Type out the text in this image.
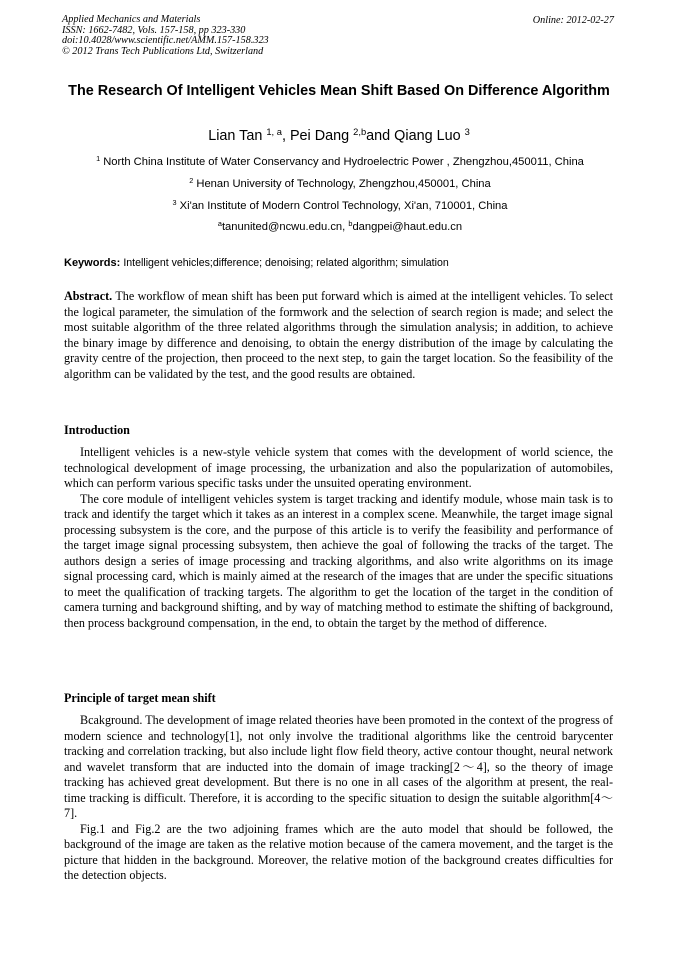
Applied Mechanics and Materials
ISSN: 1662-7482, Vols. 157-158, pp 323-330
doi:10.4028/www.scientific.net/AMM.157-158.323
© 2012 Trans Tech Publications Ltd, Switzerland
Online: 2012-02-27
The Research Of Intelligent Vehicles Mean Shift Based On Difference Algorithm
Lian Tan $^{1, a}$, Pei Dang $^{2,b}$and Qiang Luo $^3$
$^1$ North China Institute of Water Conservancy and Hydroelectric Power , Zhengzhou,450011, China
$^2$ Henan University of Technology, Zhengzhou,450001, China
$^3$ Xi'an Institute of Modern Control Technology, Xi'an, 710001, China
$^a$tanunited@ncwu.edu.cn, $^b$dangpei@haut.edu.cn
Keywords: Intelligent vehicles;difference; denoising; related algorithm; simulation

Abstract. The workflow of mean shift has been put forward which is aimed at the intelligent vehicles. To select the logical parameter, the simulation of the formwork and the selection of search region is made; and select the most suitable algorithm of the three related algorithms through the simulation analysis; in addition, to achieve the binary image by difference and denoising, to obtain the energy distribution of the image by calculating the gravity centre of the projection, then proceed to the next step, to gain the target location. So the feasibility of the algorithm can be validated by the test, and the good results are obtained.

Introduction

Intelligent vehicles is a new-style vehicle system that comes with the development of world science, the technological development of image processing, the urbanization and also the popularization of automobiles, which can perform various specific tasks under the unsuited operating environment.

The core module of intelligent vehicles system is target tracking and identify module, whose main task is to track and identify the target which it takes as an interest in a complex scene. Meanwhile, the target image signal processing subsystem is the core, and the purpose of this article is to verify the feasibility and performance of the target image signal processing subsystem, then achieve the goal of following the tracks of the target. The authors design a series of image processing and tracking algorithms, and also write algorithms on its image signal processing card, which is mainly aimed at the research of the images that are under the specific situations to meet the qualification of tracking targets. The algorithm to get the location of the target in the condition of camera turning and background shifting, and by way of matching method to estimate the shifting of background, then process background compensation, in the end, to obtain the target by the method of difference.

Principle of target mean shift

Bcakground. The development of image related theories have been promoted in the context of the progress of modern science and technology[1], not only involve the traditional algorithms like the centroid barycenter tracking and correlation tracking, but also include light flow field theory, active contour thought, neural network and wavelet transform that are inducted into the domain of image tracking[2～4], so the theory of image tracking has achieved great development. But there is no one in all cases of the algorithm at present, the real-time tracking is difficult. Therefore, it is according to the specific situation to design the suitable algorithm[4～7].

Fig.1 and Fig.2 are the two adjoining frames which are the auto model that should be followed, the background of the image are taken as the relative motion because of the camera movement, and the target is the picture that hidden in the background. Moreover, the relative motion of the background creates difficulties for the detection objects.
